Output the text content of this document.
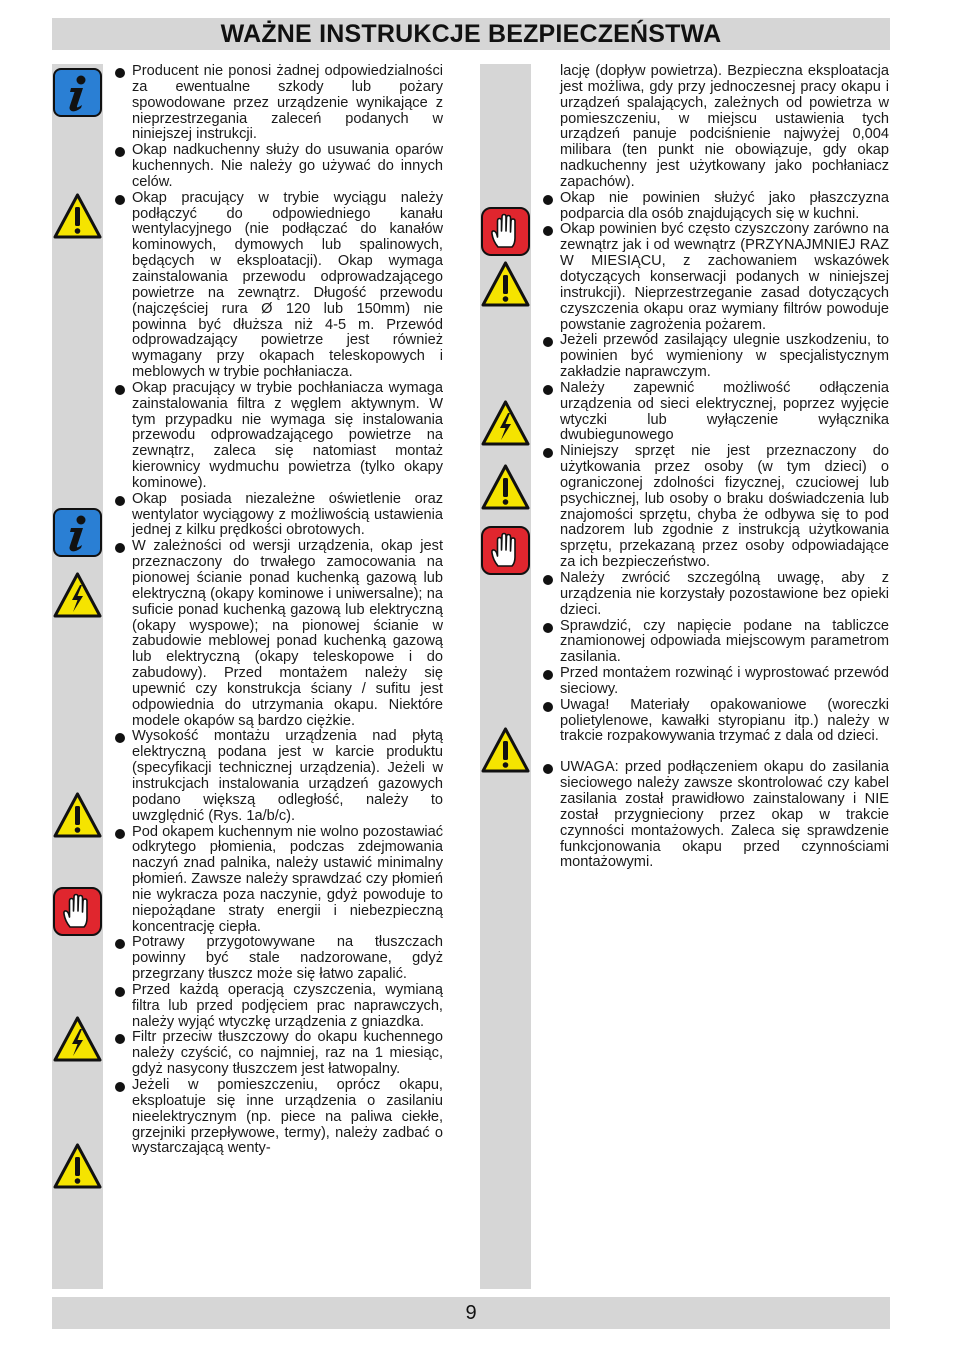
WAŻNE INSTRUKCJE BEZPIECZEŃSTWA

Producent nie ponosi żadnej odpowiedzialności za ewentualne szkody lub pożary spowodowane przez urządzenie wynikające z nieprzestrzegania zaleceń podanych w niniejszej instrukcji.

Okap nadkuchenny służy do usuwania oparów kuchennych. Nie należy go używać do innych celów.

Okap pracujący w trybie wyciągu należy podłączyć do odpowiedniego kanału wentylacyjnego (nie podłączać do kanałów kominowych, dymowych lub spalinowych, będących w eksploatacji). Okap wymaga zainstalowania przewodu odprowadzającego powietrze na zewnątrz. Długość przewodu (najczęściej rura Ø 120 lub 150mm) nie powinna być dłuższa niż 4-5 m. Przewód odprowadzający powietrze jest również wymagany przy okapach teleskopowych i meblowych w trybie pochłaniacza.

Okap pracujący w trybie pochłaniacza wymaga zainstalowania filtra z węglem aktywnym. W tym przypadku nie wymaga się instalowania przewodu odprowadzającego powietrze na zewnątrz, zaleca się natomiast montaż kierownicy wydmuchu powietrza (tylko okapy kominowe).

Okap posiada niezależne oświetlenie oraz wentylator wyciągowy z możliwością ustawienia jednej z kilku prędkości obrotowych.

W zależności od wersji urządzenia, okap jest przeznaczony do trwałego zamocowania na pionowej ścianie ponad kuchenką gazową lub elektryczną (okapy kominowe i uniwersalne); na suficie ponad kuchenką gazową lub elektryczną (okapy wyspowe); na pionowej ścianie w zabudowie meblowej ponad kuchenką gazową lub elektryczną (okapy teleskopowe i do zabudowy). Przed montażem należy się upewnić czy konstrukcja ściany / sufitu jest odpowiednia do utrzymania okapu. Niektóre modele okapów są bardzo ciężkie.

Wysokość montażu urządzenia nad płytą elektryczną podana jest w karcie produktu (specyfikacji technicznej urządzenia). Jeżeli w instrukcjach instalowania urządzeń gazowych podano większą odległość, należy to uwzględnić (Rys. 1a/b/c).

Pod okapem kuchennym nie wolno pozostawiać odkrytego płomienia, podczas zdejmowania naczyń znad palnika, należy ustawić minimalny płomień. Zawsze należy sprawdzać czy płomień nie wykracza poza naczynie, gdyż powoduje to niepożądane straty energii i niebezpieczną koncentrację ciepła.

Potrawy przygotowywane na tłuszczach powinny być stale nadzorowane, gdyż przegrzany tłuszcz może się łatwo zapalić.

Przed każdą operacją czyszczenia, wymianą filtra lub przed podjęciem prac naprawczych, należy wyjąć wtyczkę urządzenia z gniazdka.

Filtr przeciw tłuszczowy do okapu kuchennego należy czyścić, co najmniej, raz na 1 miesiąc, gdyż nasycony tłuszczem jest łatwopalny.

Jeżeli w pomieszczeniu, oprócz okapu, eksploatuje się inne urządzenia o zasilaniu nieelektrycznym (np. piece na paliwa ciekłe, grzejniki przepływowe, termy), należy zadbać o wystarczającą wenty-

lację (dopływ powietrza). Bezpieczna eksploatacja jest możliwa, gdy przy jednoczesnej pracy okapu i urządzeń spalających, zależnych od powietrza w pomieszczeniu, w miejscu ustawienia tych urządzeń panuje podciśnienie najwyżej 0,004 milibara (ten punkt nie obowiązuje, gdy okap nadkuchenny jest użytkowany jako pochłaniacz zapachów).

Okap nie powinien służyć jako płaszczyzna podparcia dla osób znajdujących się w kuchni.

Okap powinien być często czyszczony zarówno na zewnątrz jak i od wewnątrz (PRZYNAJMNIEJ RAZ W MIESIĄCU, z zachowaniem wskazówek dotyczących konserwacji podanych w niniejszej instrukcji). Nieprzestrzeganie zasad dotyczących czyszczenia okapu oraz wymiany filtrów powoduje powstanie zagrożenia pożarem.

Jeżeli przewód zasilający ulegnie uszkodzeniu, to powinien być wymieniony w specjalistycznym zakładzie naprawczym.

Należy zapewnić możliwość odłączenia urządzenia od sieci elektrycznej, poprzez wyjęcie wtyczki lub wyłączenie wyłącznika dwubiegunowego

Niniejszy sprzęt nie jest przeznaczony do użytkowania przez osoby (w tym dzieci) o ograniczonej zdolności fizycznej, czuciowej lub psychicznej, lub osoby o braku doświadczenia lub znajomości sprzętu, chyba że odbywa się to pod nadzorem lub zgodnie z instrukcją użytkowania sprzętu, przekazaną przez osoby odpowiadające za ich bezpieczeństwo.

Należy zwrócić szczególną uwagę, aby z urządzenia nie korzystały pozostawione bez opieki dzieci.

Sprawdzić, czy napięcie podane na tabliczce znamionowej odpowiada miejscowym parametrom zasilania.

Przed montażem rozwinąć i wyprostować przewód sieciowy.

Uwaga! Materiały opakowaniowe (woreczki polietylenowe, kawałki styropianu itp.) należy w trakcie rozpakowywania trzymać z dala od dzieci.

UWAGA: przed podłączeniem okapu do zasilania sieciowego należy zawsze skontrolować czy kabel zasilania został prawidłowo zainstalowany i NIE został przygnieciony przez okap w trakcie czynności montażowych. Zaleca się sprawdzenie funkcjonowania okapu przed czynnościami montażowymi.

9
